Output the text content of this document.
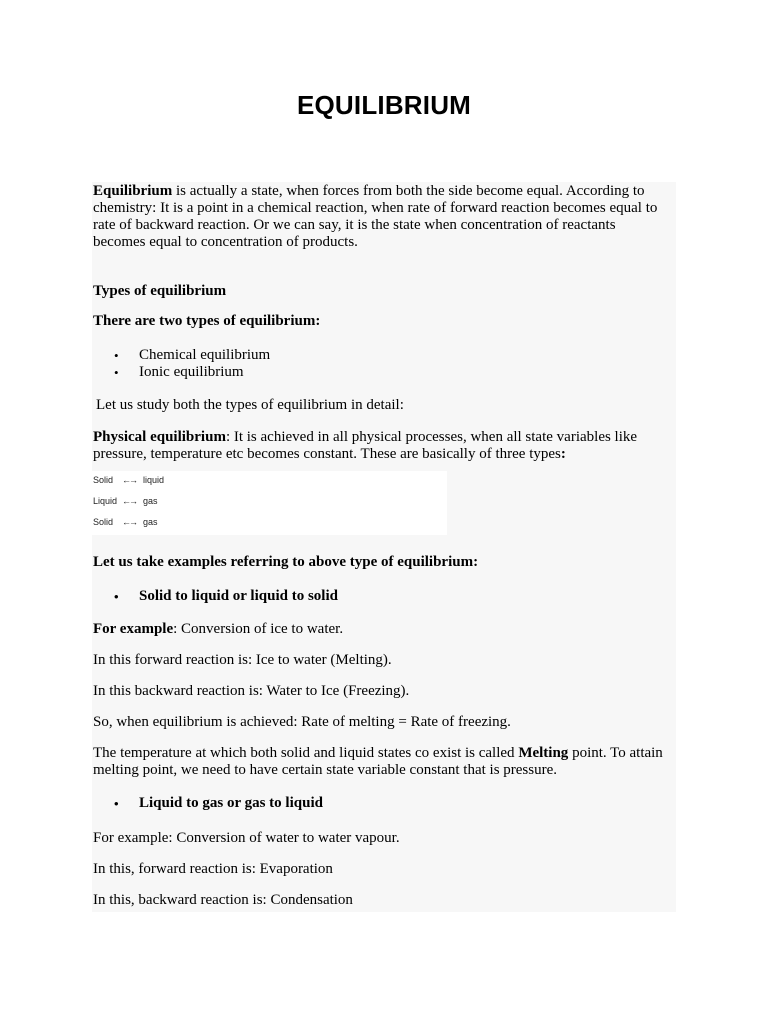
EQUILIBRIUM

Equilibrium is actually a state, when forces from both the side become equal. According to chemistry: It is a point in a chemical reaction, when rate of forward reaction becomes equal to rate of backward reaction. Or we can say, it is the state when concentration of reactants becomes equal to concentration of products.

Types of equilibrium

There are two types of equilibrium:

• Chemical equilibrium
• Ionic equilibrium

Let us study both the types of equilibrium in detail:

Physical equilibrium: It is achieved in all physical processes, when all state variables like pressure, temperature etc becomes constant. These are basically of three types:

Solid ←→ liquid
Liquid ←→ gas
Solid ←→ gas

Let us take examples referring to above type of equilibrium:

• Solid to liquid or liquid to solid

For example: Conversion of ice to water.

In this forward reaction is: Ice to water (Melting).

In this backward reaction is: Water to Ice (Freezing).

So, when equilibrium is achieved: Rate of melting = Rate of freezing.

The temperature at which both solid and liquid states co exist is called Melting point. To attain melting point, we need to have certain state variable constant that is pressure.

• Liquid to gas or gas to liquid

For example: Conversion of water to water vapour.

In this, forward reaction is: Evaporation

In this, backward reaction is: Condensation
